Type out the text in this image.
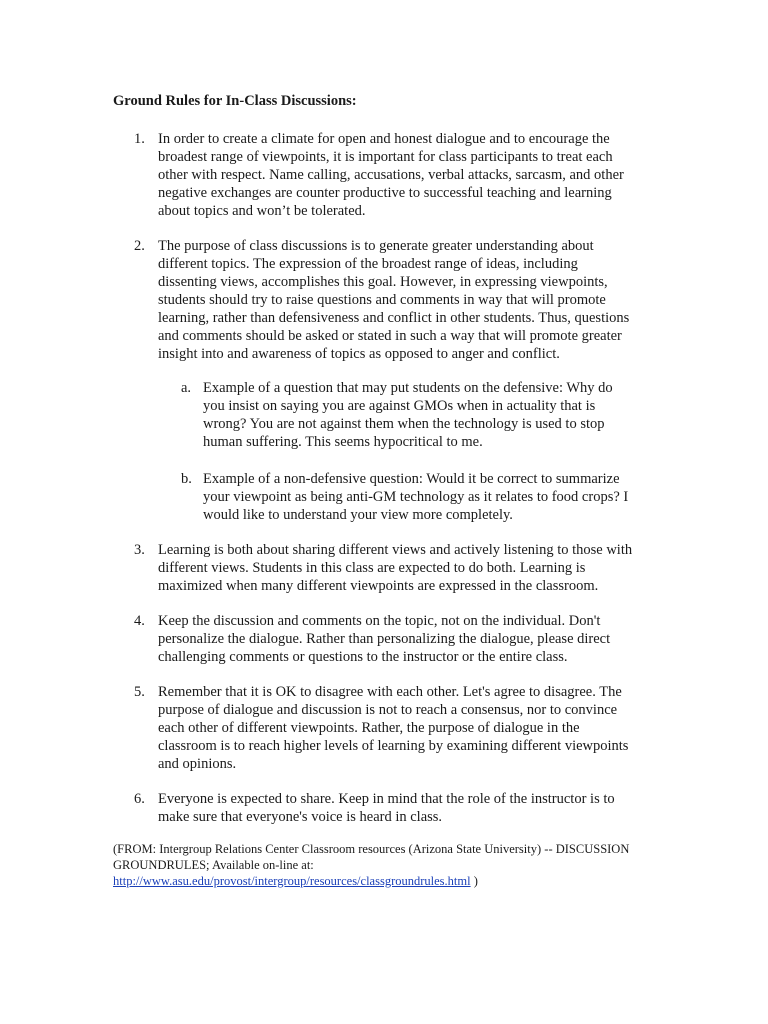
Ground Rules for In-Class Discussions:
1. In order to create a climate for open and honest dialogue and to encourage the
broadest range of viewpoints, it is important for class participants to treat each
other with respect. Name calling, accusations, verbal attacks, sarcasm, and other
negative exchanges are counter productive to successful teaching and learning
about topics and won’t be tolerated.

2. The purpose of class discussions is to generate greater understanding about
different topics. The expression of the broadest range of ideas, including
dissenting views, accomplishes this goal. However, in expressing viewpoints,
students should try to raise questions and comments in way that will promote
learning, rather than defensiveness and conflict in other students. Thus, questions
and comments should be asked or stated in such a way that will promote greater
insight into and awareness of topics as opposed to anger and conflict.

a. Example of a question that may put students on the defensive: Why do
you insist on saying you are against GMOs when in actuality that is
wrong? You are not against them when the technology is used to stop
human suffering. This seems hypocritical to me.

b. Example of a non-defensive question: Would it be correct to summarize
your viewpoint as being anti-GM technology as it relates to food crops? I
would like to understand your view more completely.

3. Learning is both about sharing different views and actively listening to those with
different views. Students in this class are expected to do both. Learning is
maximized when many different viewpoints are expressed in the classroom.

4. Keep the discussion and comments on the topic, not on the individual. Don't
personalize the dialogue. Rather than personalizing the dialogue, please direct
challenging comments or questions to the instructor or the entire class.

5. Remember that it is OK to disagree with each other. Let's agree to disagree. The
purpose of dialogue and discussion is not to reach a consensus, nor to convince
each other of different viewpoints. Rather, the purpose of dialogue in the
classroom is to reach higher levels of learning by examining different viewpoints
and opinions.

6. Everyone is expected to share. Keep in mind that the role of the instructor is to
make sure that everyone's voice is heard in class.

(FROM: Intergroup Relations Center Classroom resources (Arizona State University) -- DISCUSSION
GROUNDRULES; Available on-line at:
http://www.asu.edu/provost/intergroup/resources/classgroundrules.html )
